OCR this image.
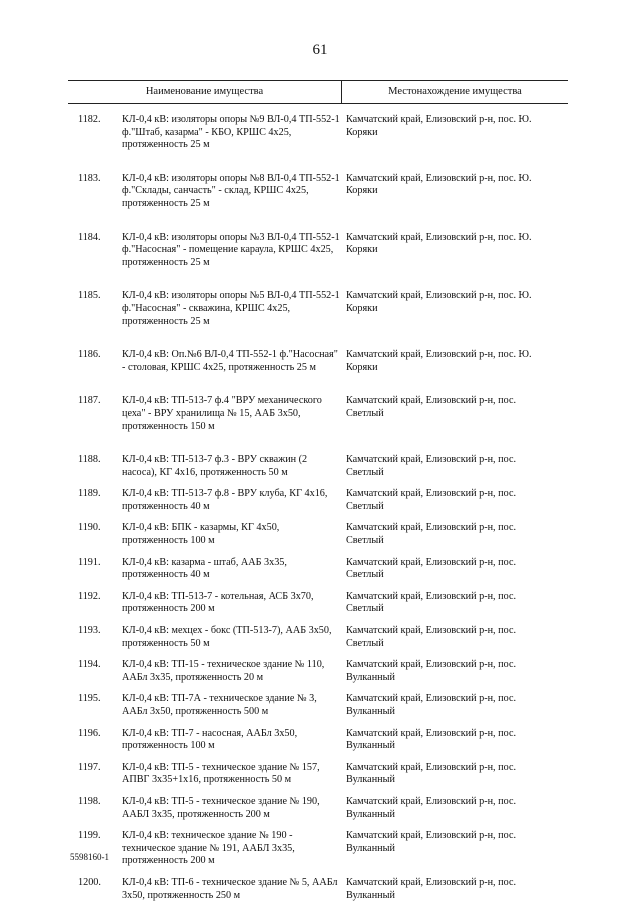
61
Наименование имущества	Местонахождение имущества
1182.	КЛ-0,4 кВ: изоляторы опоры №9 ВЛ-0,4 ТП-552-1 ф."Штаб, казарма" - КБО, КРШС 4х25, протяженность 25 м
Камчатский край, Елизовский р-н, пос. Ю. Коряки
1183.	КЛ-0,4 кВ: изоляторы опоры №8 ВЛ-0,4 ТП-552-1 ф."Склады, санчасть" - склад, КРШС 4х25, протяженность 25 м
Камчатский край, Елизовский р-н, пос. Ю. Коряки
1184.	КЛ-0,4 кВ: изоляторы опоры №3 ВЛ-0,4 ТП-552-1 ф."Насосная" - помещение караула, КРШС 4х25, протяженность 25 м
Камчатский край, Елизовский р-н, пос. Ю. Коряки
1185.	КЛ-0,4 кВ: изоляторы опоры №5 ВЛ-0,4 ТП-552-1 ф."Насосная" - скважина, КРШС 4х25, протяженность 25 м
Камчатский край, Елизовский р-н, пос. Ю. Коряки
1186.	КЛ-0,4 кВ: Оп.№6 ВЛ-0,4 ТП-552-1 ф."Насосная" - столовая, КРШС 4х25, протяженность 25 м
Камчатский край, Елизовский р-н, пос. Ю. Коряки
1187.	КЛ-0,4 кВ: ТП-513-7 ф.4 "ВРУ механического цеха" - ВРУ хранилища № 15, ААБ 3х50, протяженность 150 м
Камчатский край, Елизовский р-н, пос. Светлый
1188.	КЛ-0,4 кВ: ТП-513-7 ф.3 - ВРУ скважин (2 насоса), КГ 4х16, протяженность 50 м
Камчатский край, Елизовский р-н, пос. Светлый
1189.	КЛ-0,4 кВ: ТП-513-7 ф.8 - ВРУ клуба, КГ 4х16, протяженность 40 м
Камчатский край, Елизовский р-н, пос. Светлый
1190.	КЛ-0,4 кВ: БПК - казармы, КГ 4х50, протяженность 100 м
Камчатский край, Елизовский р-н, пос. Светлый
1191.	КЛ-0,4 кВ: казарма - штаб, ААБ 3х35, протяженность 40 м
Камчатский край, Елизовский р-н, пос. Светлый
1192.	КЛ-0,4 кВ: ТП-513-7 - котельная, АСБ 3х70, протяженность 200 м
Камчатский край, Елизовский р-н, пос. Светлый
1193.	КЛ-0,4 кВ: мехцех - бокс (ТП-513-7), ААБ 3х50, протяженность 50 м
Камчатский край, Елизовский р-н, пос. Светлый
1194.	КЛ-0,4 кВ: ТП-15 - техническое здание № 110, ААБл 3х35, протяженность 20 м
Камчатский край, Елизовский р-н, пос. Вулканный
1195.	КЛ-0,4 кВ: ТП-7А - техническое здание № 3, ААБл 3х50, протяженность 500 м
Камчатский край, Елизовский р-н, пос. Вулканный
1196.	КЛ-0,4 кВ: ТП-7 - насосная, ААБл 3х50, протяженность 100 м
Камчатский край, Елизовский р-н, пос. Вулканный
1197.	КЛ-0,4 кВ: ТП-5 - техническое здание № 157, АПВГ 3х35+1х16, протяженность 50 м
Камчатский край, Елизовский р-н, пос. Вулканный
1198.	КЛ-0,4 кВ: ТП-5 - техническое здание № 190, ААБЛ 3х35, протяженность 200 м
Камчатский край, Елизовский р-н, пос. Вулканный
1199.	КЛ-0,4 кВ: техническое здание № 190 - техническое здание № 191, ААБЛ 3х35, протяженность 200 м
Камчатский край, Елизовский р-н, пос. Вулканный
1200.	КЛ-0,4 кВ: ТП-6 - техническое здание № 5, ААБл 3х50, протяженность 250 м
Камчатский край, Елизовский р-н, пос. Вулканный
5598160-1
